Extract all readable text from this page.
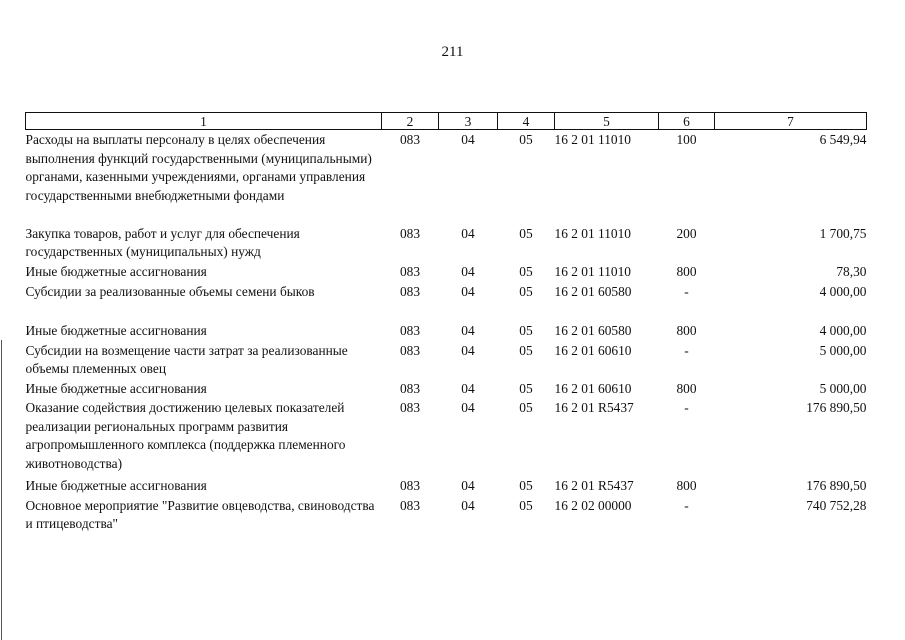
211
1	2	3	4	5	6	7
Расходы на выплаты персоналу в целях обеспечения выполнения функций государственными (муниципальными) органами, казенными учреждениями, органами управления государственными внебюджетными фондами	083	04	05	16 2 01 11010	100	6 549,94
Закупка товаров, работ и услуг для обеспечения государственных (муниципальных) нужд	083	04	05	16 2 01 11010	200	1 700,75
Иные бюджетные ассигнования	083	04	05	16 2 01 11010	800	78,30
Субсидии за реализованные объемы семени быков	083	04	05	16 2 01 60580	-	4 000,00
Иные бюджетные ассигнования	083	04	05	16 2 01 60580	800	4 000,00
Субсидии на возмещение части затрат за реализованные объемы племенных овец	083	04	05	16 2 01 60610	-	5 000,00
Иные бюджетные ассигнования	083	04	05	16 2 01 60610	800	5 000,00
Оказание содействия достижению целевых показателей реализации региональных программ развития агропромышленного комплекса (поддержка племенного животноводства)	083	04	05	16 2 01 R5437	-	176 890,50
Иные бюджетные ассигнования	083	04	05	16 2 01 R5437	800	176 890,50
Основное мероприятие "Развитие овцеводства, свиноводства и птицеводства"	083	04	05	16 2 02 00000	-	740 752,28
